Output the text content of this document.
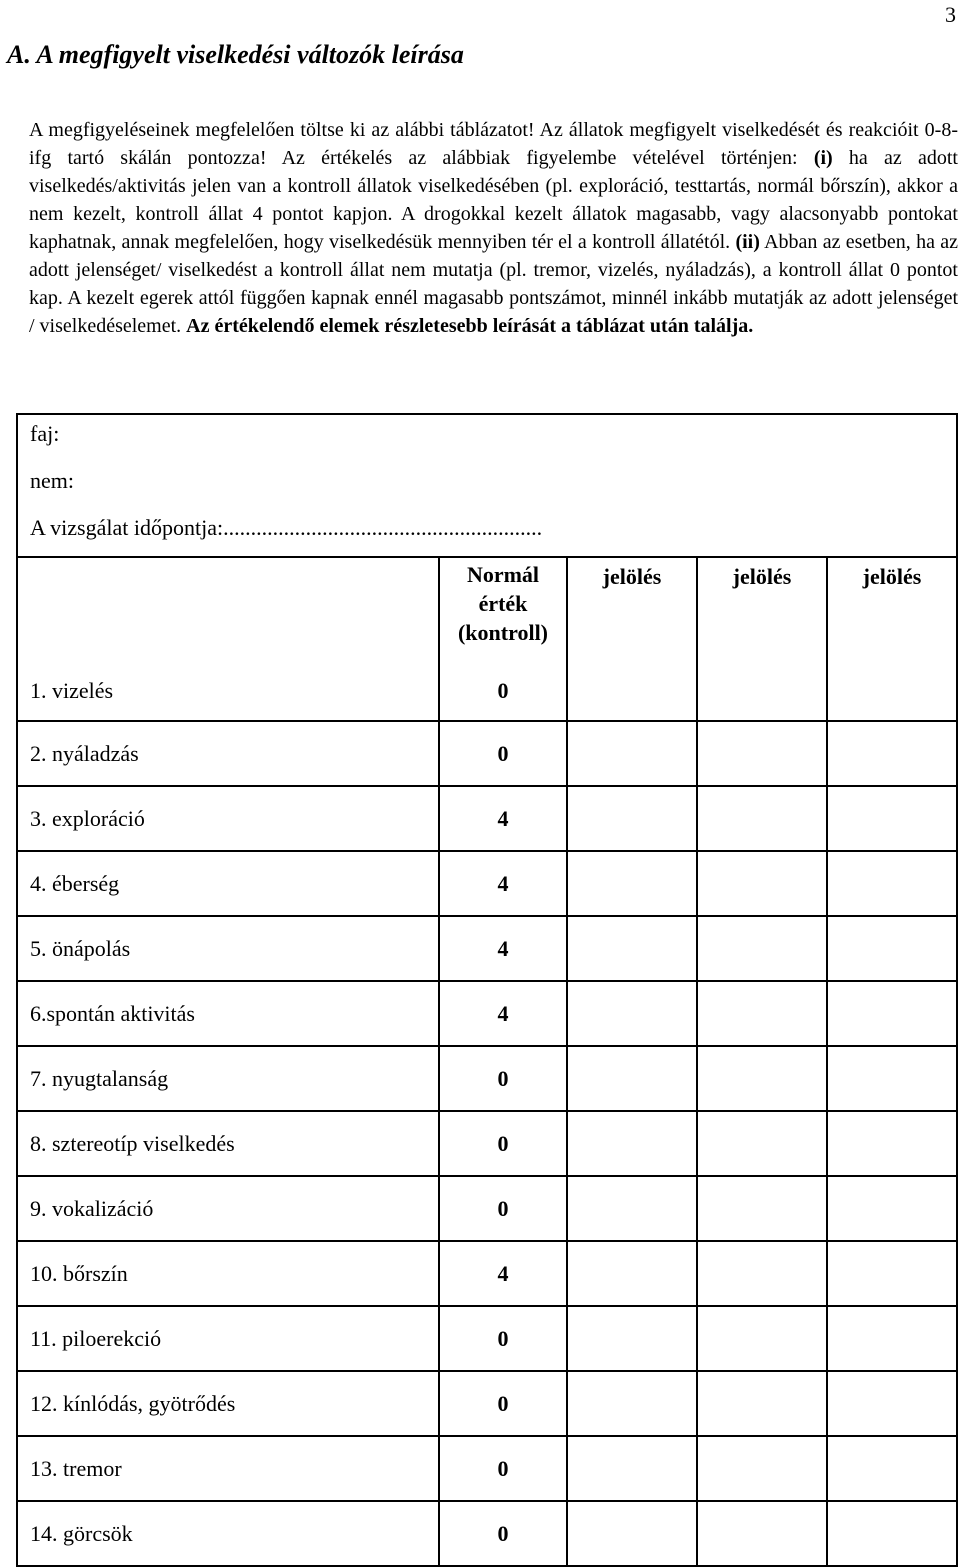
3
A. A megfigyelt viselkedési változók leírása

A megfigyeléseinek megfelelően töltse ki az alábbi táblázatot! Az állatok megfigyelt viselkedését és reakcióit 0-8-ifg tartó skálán pontozza! Az értékelés az alábbiak figyelembe vételével történjen: (i) ha az adott viselkedés/aktivitás jelen van a kontroll állatok viselkedésében (pl. exploráció, testtartás, normál bőrszín), akkor a nem kezelt, kontroll állat 4 pontot kapjon. A drogokkal kezelt állatok magasabb, vagy alacsonyabb pontokat kaphatnak, annak megfelelően, hogy viselkedésük mennyiben tér el a kontroll állatétól. (ii) Abban az esetben, ha az adott jelenséget/ viselkedést a kontroll állat nem mutatja (pl. tremor, vizelés, nyáladzás), a kontroll állat 0 pontot kap. A kezelt egerek attól függően kapnak ennél magasabb pontszámot, minnél inkább mutatják az adott jelenséget / viselkedéselemet. Az értékelendő elemek részletesebb leírását a táblázat után találja.

faj:
nem:
A vizsgálat időpontja:..........................................................				

	Normál
érték
(kontroll)	jelölés	jelölés	jelölés
1. vizelés	0			
2. nyáladzás	0			
3. exploráció	4			
4. éberség	4			
5. önápolás	4			
6.spontán aktivitás	4			
7. nyugtalanság	0			
8. sztereotíp viselkedés	0			
9. vokalizáció	0			
10. bőrszín	4			
11. piloerekció	0			
12. kínlódás, gyötrődés	0			
13. tremor	0			
14. görcsök	0			
